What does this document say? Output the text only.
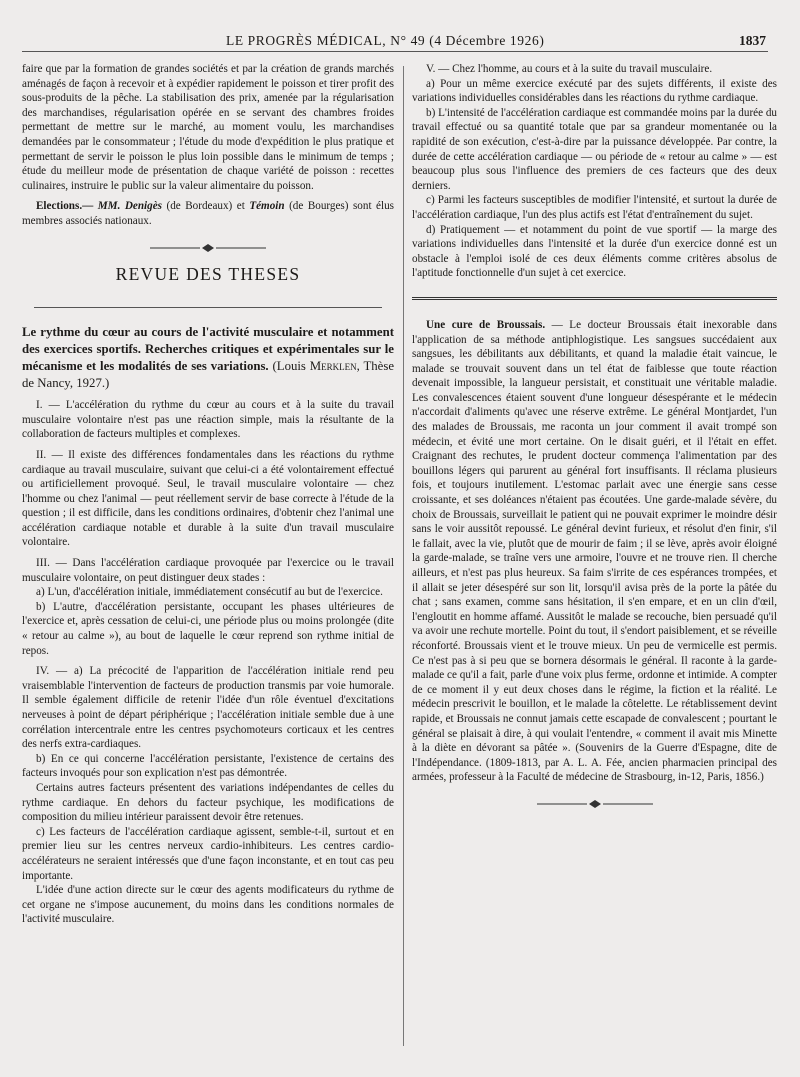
LE PROGRÈS MÉDICAL, N° 49 (4 Décembre 1926)	1837

faire que par la formation de grandes sociétés et par la création de grands marchés aménagés de façon à recevoir et à expédier rapidement le poisson et tirer profit des sous-produits de la pêche. La stabilisation des prix, amenée par la régularisation des marchandises, régularisation opérée en se servant des chambres froides permettant de mettre sur le marché, au moment voulu, les marchandises demandées par le consommateur ; l'étude du mode d'expédition le plus pratique et permettant de servir le poisson le plus loin possible dans le minimum de temps ; étude du meilleur mode de présentation de chaque variété de poisson : recettes culinaires, instruire le public sur la valeur alimentaire du poisson.

Elections.— MM. Denigès (de Bordeaux) et Témoin (de Bourges) sont élus membres associés nationaux.

REVUE DES THESES

Le rythme du cœur au cours de l'activité musculaire et notamment des exercices sportifs. Recherches critiques et expérimentales sur le mécanisme et les modalités de ses variations. (Louis Merklen, Thèse de Nancy, 1927.)

I. — L'accélération du rythme du cœur au cours et à la suite du travail musculaire volontaire n'est pas une réaction simple, mais la résultante de la collaboration de facteurs multiples et complexes.

II. — Il existe des différences fondamentales dans les réactions du rythme cardiaque au travail musculaire, suivant que celui-ci a été volontairement effectué ou artificiellement provoqué. Seul, le travail musculaire volontaire — chez l'homme ou chez l'animal — peut réellement servir de base correcte à l'étude de la question ; il est difficile, dans les conditions ordinaires, d'obtenir chez l'animal une accélération cardiaque notable et durable à la suite d'un travail musculaire volontaire.

III. — Dans l'accélération cardiaque provoquée par l'exercice ou le travail musculaire volontaire, on peut distinguer deux stades :

a) L'un, d'accélération initiale, immédiatement consécutif au but de l'exercice.

b) L'autre, d'accélération persistante, occupant les phases ultérieures de l'exercice et, après cessation de celui-ci, une période plus ou moins prolongée (dite « retour au calme »), au bout de laquelle le cœur reprend son rythme initial de repos.

IV. — a) La précocité de l'apparition de l'accélération initiale rend peu vraisemblable l'intervention de facteurs de production transmis par voie humorale. Il semble également difficile de retenir l'idée d'un rôle éventuel d'excitations nerveuses à point de départ périphérique ; l'accélération initiale semble due à une corrélation intercentrale entre les centres psychomoteurs corticaux et les centres des nerfs extra-cardiaques.

b) En ce qui concerne l'accélération persistante, l'existence de certains des facteurs invoqués pour son explication n'est pas démontrée.

Certains autres facteurs présentent des variations indépendantes de celles du rythme cardiaque. En dehors du facteur psychique, les modifications de composition du milieu intérieur paraissent devoir être retenues.

c) Les facteurs de l'accélération cardiaque agissent, semble-t-il, surtout et en premier lieu sur les centres nerveux cardio-inhibiteurs. Les centres cardio-accélérateurs ne seraient intéressés que d'une façon inconstante, et en tout cas peu importante.

L'idée d'une action directe sur le cœur des agents modificateurs du rythme de cet organe ne s'impose aucunement, du moins dans les conditions normales de l'activité musculaire.

V. — Chez l'homme, au cours et à la suite du travail musculaire.

a) Pour un même exercice exécuté par des sujets différents, il existe des variations individuelles considérables dans les réactions du rythme cardiaque.

b) L'intensité de l'accélération cardiaque est commandée moins par la durée du travail effectué ou sa quantité totale que par sa grandeur momentanée ou la rapidité de son exécution, c'est-à-dire par la puissance développée. Par contre, la durée de cette accélération cardiaque — ou période de « retour au calme » — est beaucoup plus sous l'influence des premiers de ces facteurs que des deux derniers.

c) Parmi les facteurs susceptibles de modifier l'intensité, et surtout la durée de l'accélération cardiaque, l'un des plus actifs est l'état d'entraînement du sujet.

d) Pratiquement — et notamment du point de vue sportif — la marge des variations individuelles dans l'intensité et la durée d'un exercice donné est un obstacle à l'emploi isolé de ces deux éléments comme critères absolus de l'aptitude fonctionnelle d'un sujet à cet exercice.

Une cure de Broussais. — Le docteur Broussais était inexorable dans l'application de sa méthode antiphlogistique. Les sangsues succédaient aux sangsues, les débilitants aux débilitants, et quand la maladie était vaincue, le malade se trouvait souvent dans un tel état de faiblesse que toute réaction devenait impossible, la langueur persistait, et constituait une véritable maladie. Les convalescences étaient souvent d'une longueur désespérante et le médecin n'accordait d'aliments qu'avec une réserve extrême. Le général Montjardet, l'un des malades de Broussais, me raconta un jour comment il avait trompé son médecin, et évité une mort certaine. On le disait guéri, et il l'était en effet. Craignant des rechutes, le prudent docteur commença l'alimentation par des bouillons légers qui parurent au général fort insuffisants. Il réclama plusieurs fois, et toujours inutilement. L'estomac parlait avec une énergie sans cesse croissante, et ses doléances n'étaient pas écoutées. Une garde-malade sévère, du choix de Broussais, surveillait le patient qui ne pouvait exprimer le moindre désir sans le voir aussitôt repoussé. Le général devint furieux, et résolut d'en finir, s'il le fallait, avec la vie, plutôt que de mourir de faim ; il se lève, après avoir éloigné la garde-malade, se traîne vers une armoire, l'ouvre et ne trouve rien. Il cherche ailleurs, et n'est pas plus heureux. Sa faim s'irrite de ces espérances trompées, et il allait se jeter désespéré sur son lit, lorsqu'il avisa près de la porte la pâtée du chat ; sans examen, comme sans hésitation, il s'en empare, et en un clin d'œil, l'engloutit en homme affamé. Aussitôt le malade se recouche, bien persuadé qu'il va avoir une rechute mortelle. Point du tout, il s'endort paisiblement, et se réveille réconforté. Broussais vient et le trouve mieux. Un peu de vermicelle est permis. Ce n'est pas à si peu que se bornera désormais le général. Il raconte à la garde-malade ce qu'il a fait, parle d'une voix plus ferme, ordonne et intimide. A compter de ce moment il y eut deux choses dans le régime, la fiction et la réalité. Le médecin prescrivit le bouillon, et le malade la côtelette. Le rétablissement devint rapide, et Broussais ne connut jamais cette escapade de convalescent ; pourtant le général se plaisait à dire, à qui voulait l'entendre, « comment il avait mis Minette à la diète en dévorant sa pâtée ». (Souvenirs de la Guerre d'Espagne, dite de l'Indépendance. (1809-1813, par A. L. A. Fée, ancien pharmacien principal des armées, professeur à la Faculté de médecine de Strasbourg, in-12, Paris, 1856.)
